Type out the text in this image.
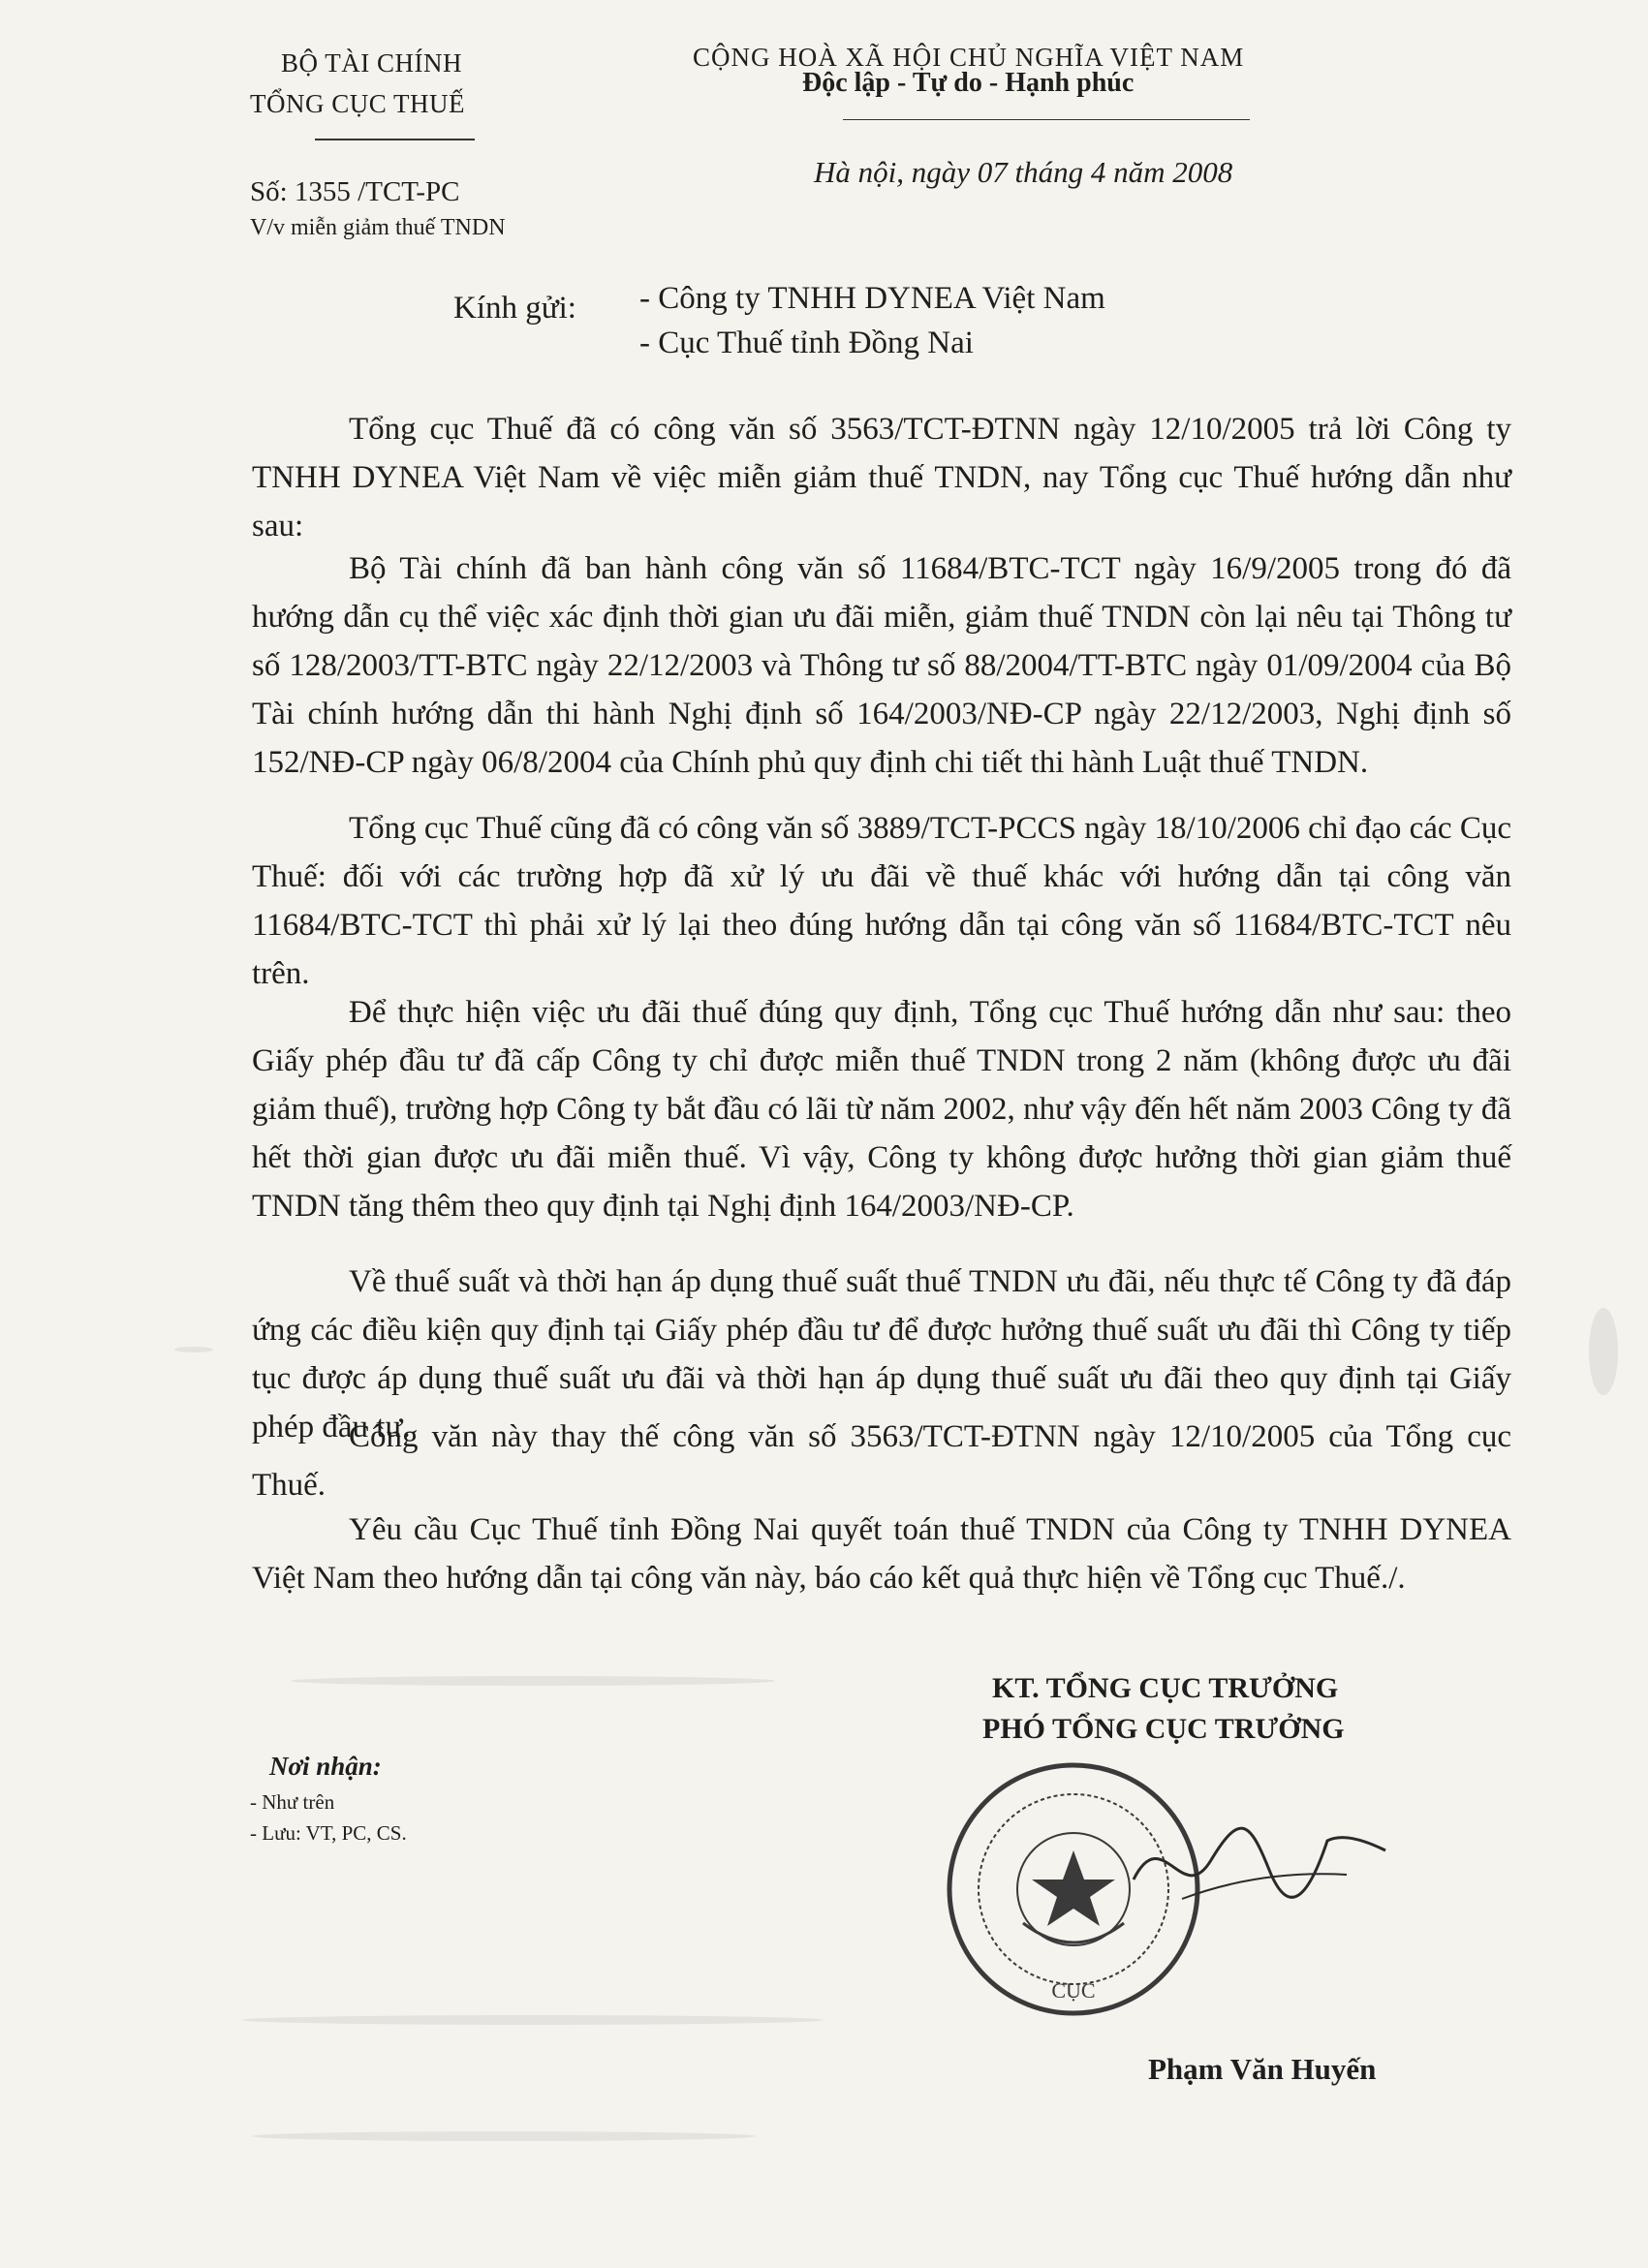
BỘ TÀI CHÍNH
TỔNG CỤC THUẾ
Số: 1355 /TCT-PC
V/v miễn giảm thuế TNDN
CỘNG HOÀ XÃ HỘI CHỦ NGHĨA VIỆT NAM
Độc lập - Tự do - Hạnh phúc
Hà nội, ngày 07 tháng 4 năm 2008
Kính gửi: - Công ty TNHH DYNEA Việt Nam
- Cục Thuế tỉnh Đồng Nai

Tổng cục Thuế đã có công văn số 3563/TCT-ĐTNN ngày 12/10/2005 trả lời Công ty TNHH DYNEA Việt Nam về việc miễn giảm thuế TNDN, nay Tổng cục Thuế hướng dẫn như sau:

Bộ Tài chính đã ban hành công văn số 11684/BTC-TCT ngày 16/9/2005 trong đó đã hướng dẫn cụ thể việc xác định thời gian ưu đãi miễn, giảm thuế TNDN còn lại nêu tại Thông tư số 128/2003/TT-BTC ngày 22/12/2003 và Thông tư số 88/2004/TT-BTC ngày 01/09/2004 của Bộ Tài chính hướng dẫn thi hành Nghị định số 164/2003/NĐ-CP ngày 22/12/2003, Nghị định số 152/NĐ-CP ngày 06/8/2004 của Chính phủ quy định chi tiết thi hành Luật thuế TNDN.

Tổng cục Thuế cũng đã có công văn số 3889/TCT-PCCS ngày 18/10/2006 chỉ đạo các Cục Thuế: đối với các trường hợp đã xử lý ưu đãi về thuế khác với hướng dẫn tại công văn 11684/BTC-TCT thì phải xử lý lại theo đúng hướng dẫn tại công văn số 11684/BTC-TCT nêu trên.

Để thực hiện việc ưu đãi thuế đúng quy định, Tổng cục Thuế hướng dẫn như sau: theo Giấy phép đầu tư đã cấp Công ty chỉ được miễn thuế TNDN trong 2 năm (không được ưu đãi giảm thuế), trường hợp Công ty bắt đầu có lãi từ năm 2002, như vậy đến hết năm 2003 Công ty đã hết thời gian được ưu đãi miễn thuế. Vì vậy, Công ty không được hưởng thời gian giảm thuế TNDN tăng thêm theo quy định tại Nghị định 164/2003/NĐ-CP.

Về thuế suất và thời hạn áp dụng thuế suất thuế TNDN ưu đãi, nếu thực tế Công ty đã đáp ứng các điều kiện quy định tại Giấy phép đầu tư để được hưởng thuế suất ưu đãi thì Công ty tiếp tục được áp dụng thuế suất ưu đãi và thời hạn áp dụng thuế suất ưu đãi theo quy định tại Giấy phép đầu tư.

Công văn này thay thế công văn số 3563/TCT-ĐTNN ngày 12/10/2005 của Tổng cục Thuế.

Yêu cầu Cục Thuế tỉnh Đồng Nai quyết toán thuế TNDN của Công ty TNHH DYNEA Việt Nam theo hướng dẫn tại công văn này, báo cáo kết quả thực hiện về Tổng cục Thuế./.

Nơi nhận:
- Như trên
- Lưu: VT, PC, CS.
KT. TỔNG CỤC TRƯỞNG
PHÓ TỔNG CỤC TRƯỞNG
CỤC
Phạm Văn Huyến
